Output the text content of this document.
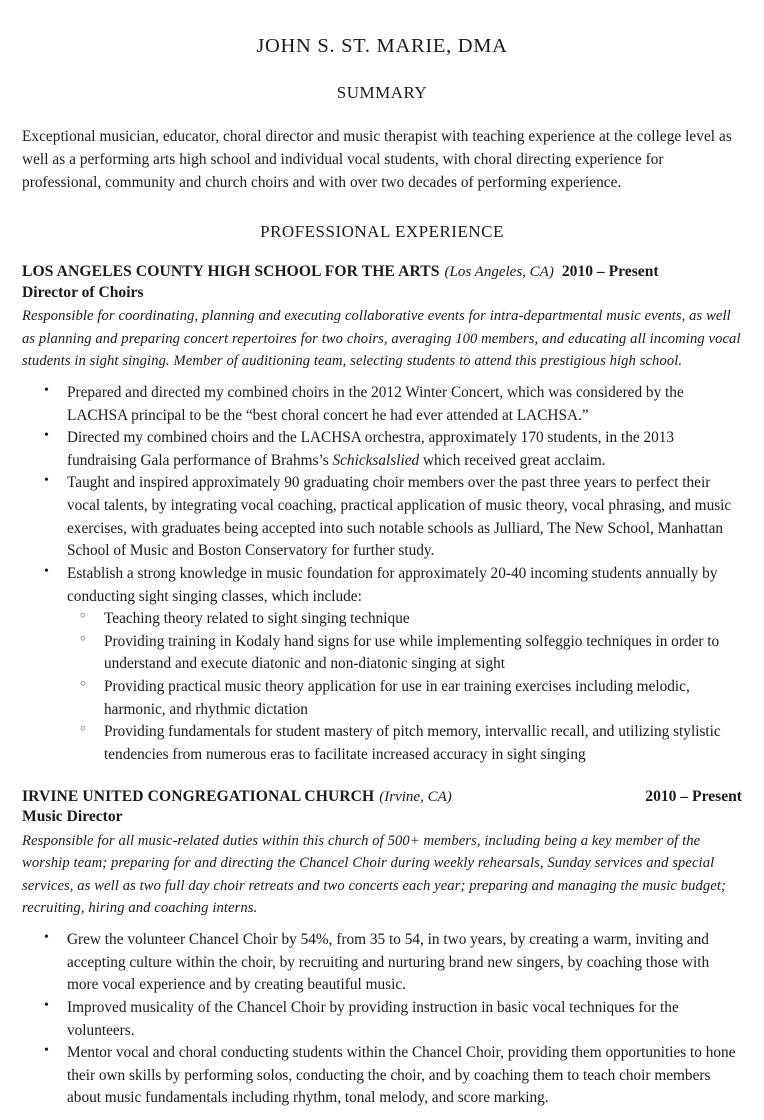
JOHN S. ST. MARIE, DMA
SUMMARY

Exceptional musician, educator, choral director and music therapist with teaching experience at the college level as well as a performing arts high school and individual vocal students, with choral directing experience for professional, community and church choirs and with over two decades of performing experience.

PROFESSIONAL EXPERIENCE
LOS ANGELES COUNTY HIGH SCHOOL FOR THE ARTS (Los Angeles, CA) 2010 – Present
Director of Choirs
Responsible for coordinating, planning and executing collaborative events for intra-departmental music events, as well as planning and preparing concert repertoires for two choirs, averaging 100 members, and educating all incoming vocal students in sight singing. Member of auditioning team, selecting students to attend this prestigious high school.
• Prepared and directed my combined choirs in the 2012 Winter Concert, which was considered by the LACHSA principal to be the “best choral concert he had ever attended at LACHSA.”
• Directed my combined choirs and the LACHSA orchestra, approximately 170 students, in the 2013 fundraising Gala performance of Brahms’s Schicksalslied which received great acclaim.
• Taught and inspired approximately 90 graduating choir members over the past three years to perfect their vocal talents, by integrating vocal coaching, practical application of music theory, vocal phrasing, and music exercises, with graduates being accepted into such notable schools as Julliard, The New School, Manhattan School of Music and Boston Conservatory for further study.
• Establish a strong knowledge in music foundation for approximately 20-40 incoming students annually by conducting sight singing classes, which include:
○ Teaching theory related to sight singing technique
○ Providing training in Kodaly hand signs for use while implementing solfeggio techniques in order to understand and execute diatonic and non-diatonic singing at sight
○ Providing practical music theory application for use in ear training exercises including melodic, harmonic, and rhythmic dictation
○ Providing fundamentals for student mastery of pitch memory, intervallic recall, and utilizing stylistic tendencies from numerous eras to facilitate increased accuracy in sight singing
IRVINE UNITED CONGREGATIONAL CHURCH (Irvine, CA)	2010 – Present
Music Director
Responsible for all music-related duties within this church of 500+ members, including being a key member of the worship team; preparing for and directing the Chancel Choir during weekly rehearsals, Sunday services and special services, as well as two full day choir retreats and two concerts each year; preparing and managing the music budget; recruiting, hiring and coaching interns.
• Grew the volunteer Chancel Choir by 54%, from 35 to 54, in two years, by creating a warm, inviting and accepting culture within the choir, by recruiting and nurturing brand new singers, by coaching those with more vocal experience and by creating beautiful music.
• Improved musicality of the Chancel Choir by providing instruction in basic vocal techniques for the volunteers.
• Mentor vocal and choral conducting students within the Chancel Choir, providing them opportunities to hone their own skills by performing solos, conducting the choir, and by coaching them to teach choir members about music fundamentals including rhythm, tonal melody, and score marking.
